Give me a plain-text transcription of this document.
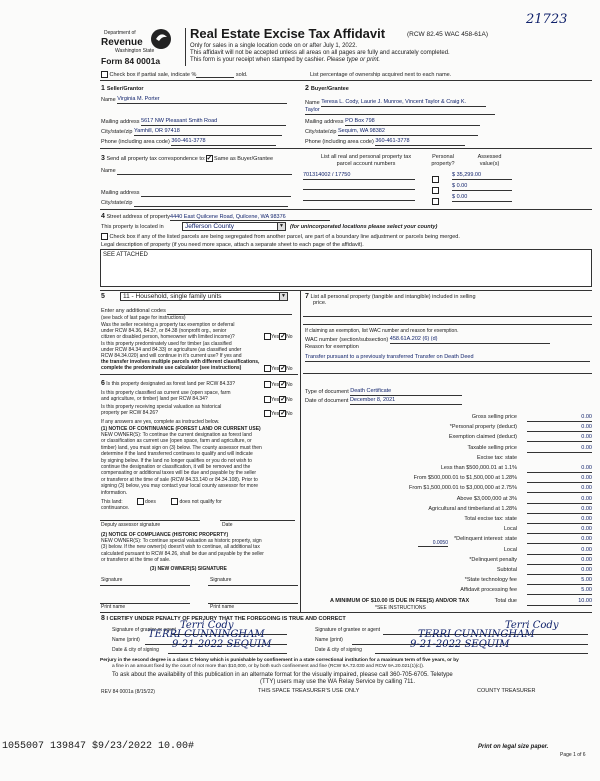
21723
Department of
Revenue
Washington State
Form 84 0001a
Real Estate Excise Tax Affidavit	(RCW 82.45 WAC 458-61A)
Only for sales in a single location code on or after July 1, 2022.
This affidavit will not be accepted unless all areas on all pages are fully and accurately completed.
This form is your receipt when stamped by cashier. Please type or print.
Check box if partial sale, indicate %	sold.	List percentage of ownership acquired next to each name.
1 Seller/Grantor
Name Virginia M. Porter
Mailing address 5617 NW Pleasant Smith Road
City/state/zip Yamhill, OR 97418
Phone (including area code) 360-461-3778
2 Buyer/Grantee
Name Teresa L. Cody, Laurie J. Munroe, Vincent Taylor & Craig K.
Taylor
Mailing address PO Box 798
City/state/zip Sequim, WA 98382
Phone (including area code) 360-461-3778
3 Send all property tax correspondence to:✓ Same as Buyer/Grantee
Name
Mailing address
City/state/zip
List all real and personal property tax
parcel account numbers
Personal
property?
Assessed
value(s)
701314002 / 17750	$ 35,299.00
$ 0.00
$ 0.00
4 Street address of property4440 East Quilcene Road, Quilcene, WA 98376
This property is located in	Jefferson County	▼ (for unincorporated locations please select your county)
Check box if any of the listed parcels are being segregated from another parcel, are part of a boundary line adjustment or parcels being merged.
Legal description of property (if you need more space, attach a separate sheet to each page of the affidavit).
SEE ATTACHED
5	11 - Household, single family units	▼
Enter any additional codes
(see back of last page for instructions)
Was the seller receiving a property tax exemption or deferral
under RCW 84.36, 84.37, or 84.38 (nonprofit org., senior
citizen or disabled person, homeowner with limited income)?	Yes✓No
Is this property predominately used for timber (as classified
under RCW 84.34 and 84.33) or agriculture (as classified under
RCW 84.34.020) and will continue in it's current use? If yes and
the transfer involves multiple parcels with different classifications,
complete the predominate use calculator (see instructions)	Yes✓No
6 Is this property designated as forest land per RCW 84.33?	Yes✓No
Is this property classified as current use (open space, farm
and agriculture, or timber) land per RCW 84.34?	Yes✓No
Is this property receiving special valuation as historical
property per RCW 84.26?	Yes✓No
If any answers are yes, complete as instructed below.
(1) NOTICE OF CONTINUANCE (FOREST LAND OR CURRENT USE)
NEW OWNER(S): To continue the current designation as forest land
or classification as current use (open space, farm and agriculture, or
timber) land, you must sign on (3) below. The county assessor must then
determine if the land transferred continues to qualify and will indicate
by signing below. If the land no longer qualifies or you do not wish to
continue the designation or classification, it will be removed and the
compensating or additional taxes will be due and payable by the seller
or transferor at the time of sale (RCW 84.33.140 or 84.34.108). Prior to
signing (3) below, you may contact your local county assessor for more
information.
This land:	does	does not qualify for
continuance.
Deputy assessor signature	Date
(2) NOTICE OF COMPLIANCE (HISTORIC PROPERTY)
NEW OWNER(S): To continue special valuation as historic property, sign
(3) below. If the new owner(s) doesn't wish to continue, all additional tax
calculated pursuant to RCW 84.26, shall be due and payable by the seller
or transferor at the time of sale.
(3) NEW OWNER(S) SIGNATURE
Signature	Signature
Print name	Print name
7 List all personal property (tangible and intangible) included in selling
price.
If claiming an exemption, list WAC number and reason for exemption.
WAC number (section/subsection) 458.61A.202 (6) (d)
Reason for exemption
Transfer pursuant to a previously transferred Transfer on Death Deed
Type of document Death Certificate
Date of document December 8, 2021
Gross selling price	0.00
*Personal property (deduct)	0.00
Exemption claimed (deduct)	0.00
Taxable selling price	0.00
Excise tax: state
Less than $500,000.01 at 1.1%	0.00
From $500,000.01 to $1,500,000 at 1.28%	0.00
From $1,500,000.01 to $3,000,000 at 2.75%	0.00
Above $3,000,000 at 3%	0.00
Agricultural and timberland at 1.28%	0.00
Total excise tax: state	0.00
Local	0.00
*Delinquent interest: state	0.00
Local	0.00
*Delinquent penalty	0.00
Subtotal	0.00
*State technology fee	5.00
Affidavit processing fee	5.00
Total due	10.00
0.0050
A MINIMUM OF $10.00 IS DUE IN FEE(S) AND/OR TAX
*SEE INSTRUCTIONS
8 I CERTIFY UNDER PENALTY OF PERJURY THAT THE FOREGOING IS TRUE AND CORRECT
Signature of grantor or agent Terri Cody
Name (print) TERRI CUNNINGHAM
Date & city of signing 9-21-2022 SEQUIM
Signature of grantee or agent	Terri Cody
Name (print)	TERRI CUNNINGHAM
Date & city of signing	9-21-2022 SEQUIM
Perjury in the second degree is a class C felony which is punishable by confinement in a state correctional institution for a maximum term of five years, or by
a fine in an amount fixed by the court of not more than $10,000, or by both such confinement and fine (RCW 9A.72.030 and RCW 9A.20.021(1)(c)).
To ask about the availability of this publication in an alternate format for the visually impaired, please call 360-705-6705. Teletype
(TTY) users may use the WA Relay Service by calling 711.
REV 84 0001a (8/15/22)	THIS SPACE TREASURER'S USE ONLY	COUNTY TREASURER
1055007 139847 $9/23/2022 10.00#	Print on legal size paper.
Page 1 of 6
